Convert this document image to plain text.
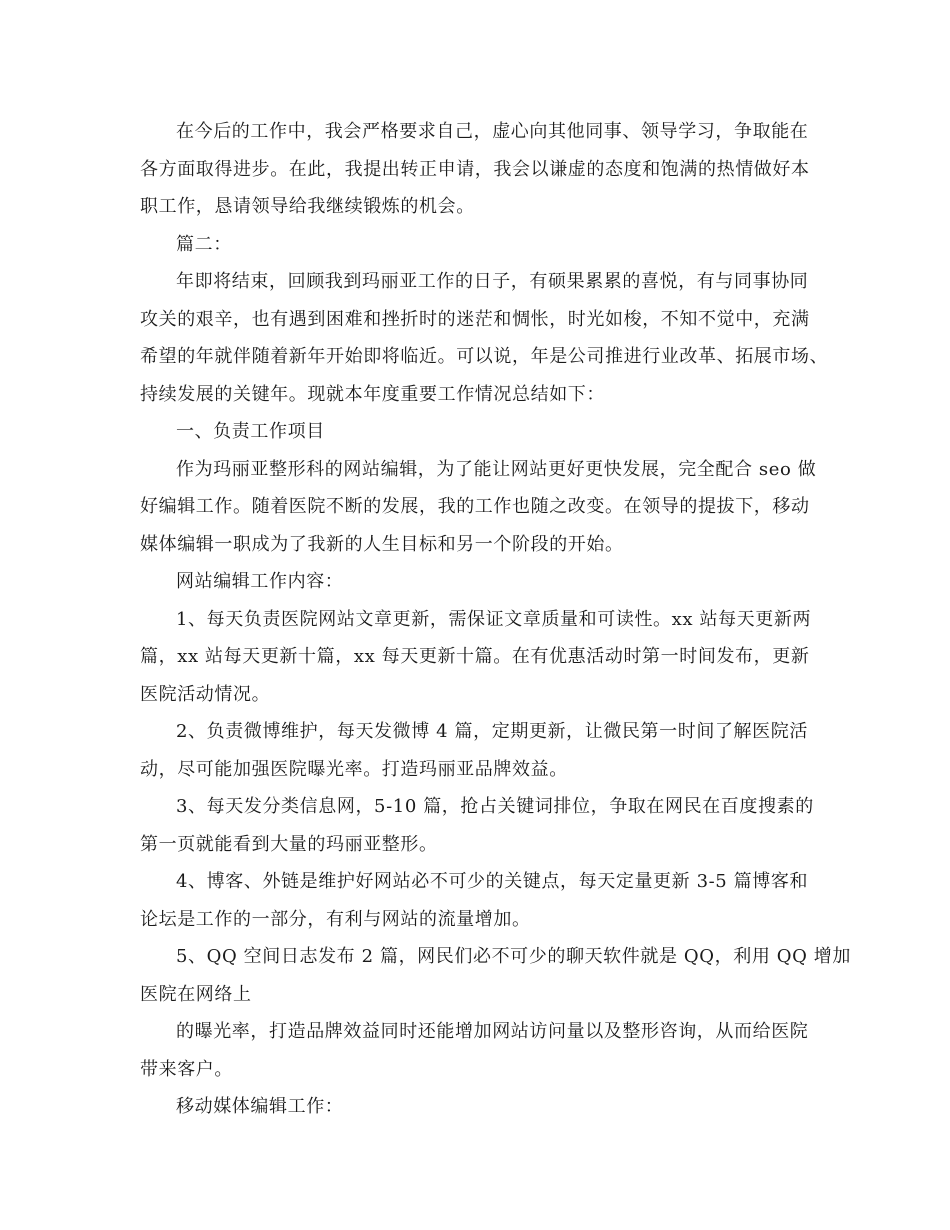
在今后的工作中，我会严格要求自己，虚心向其他同事、领导学习，争取能在
各方面取得进步。在此，我提出转正申请，我会以谦虚的态度和饱满的热情做好本
职工作，恳请领导给我继续锻炼的机会。
篇二：
年即将结束，回顾我到玛丽亚工作的日子，有硕果累累的喜悦，有与同事协同
攻关的艰辛，也有遇到困难和挫折时的迷茫和惆怅，时光如梭，不知不觉中，充满
希望的年就伴随着新年开始即将临近。可以说，年是公司推进行业改革、拓展市场、
持续发展的关键年。现就本年度重要工作情况总结如下：
一、负责工作项目
作为玛丽亚整形科的网站编辑，为了能让网站更好更快发展，完全配合 seo 做
好编辑工作。随着医院不断的发展，我的工作也随之改变。在领导的提拔下，移动
媒体编辑一职成为了我新的人生目标和另一个阶段的开始。
网站编辑工作内容：
1、每天负责医院网站文章更新，需保证文章质量和可读性。xx 站每天更新两
篇，xx 站每天更新十篇，xx 每天更新十篇。在有优惠活动时第一时间发布，更新
医院活动情况。
2、负责微博维护，每天发微博 4 篇，定期更新，让微民第一时间了解医院活
动，尽可能加强医院曝光率。打造玛丽亚品牌效益。
3、每天发分类信息网，5-10 篇，抢占关键词排位，争取在网民在百度搜素的
第一页就能看到大量的玛丽亚整形。
4、博客、外链是维护好网站必不可少的关键点，每天定量更新 3-5 篇博客和
论坛是工作的一部分，有利与网站的流量增加。
5、QQ 空间日志发布 2 篇，网民们必不可少的聊天软件就是 QQ，利用 QQ 增加
医院在网络上
的曝光率，打造品牌效益同时还能增加网站访问量以及整形咨询，从而给医院
带来客户。
移动媒体编辑工作：
